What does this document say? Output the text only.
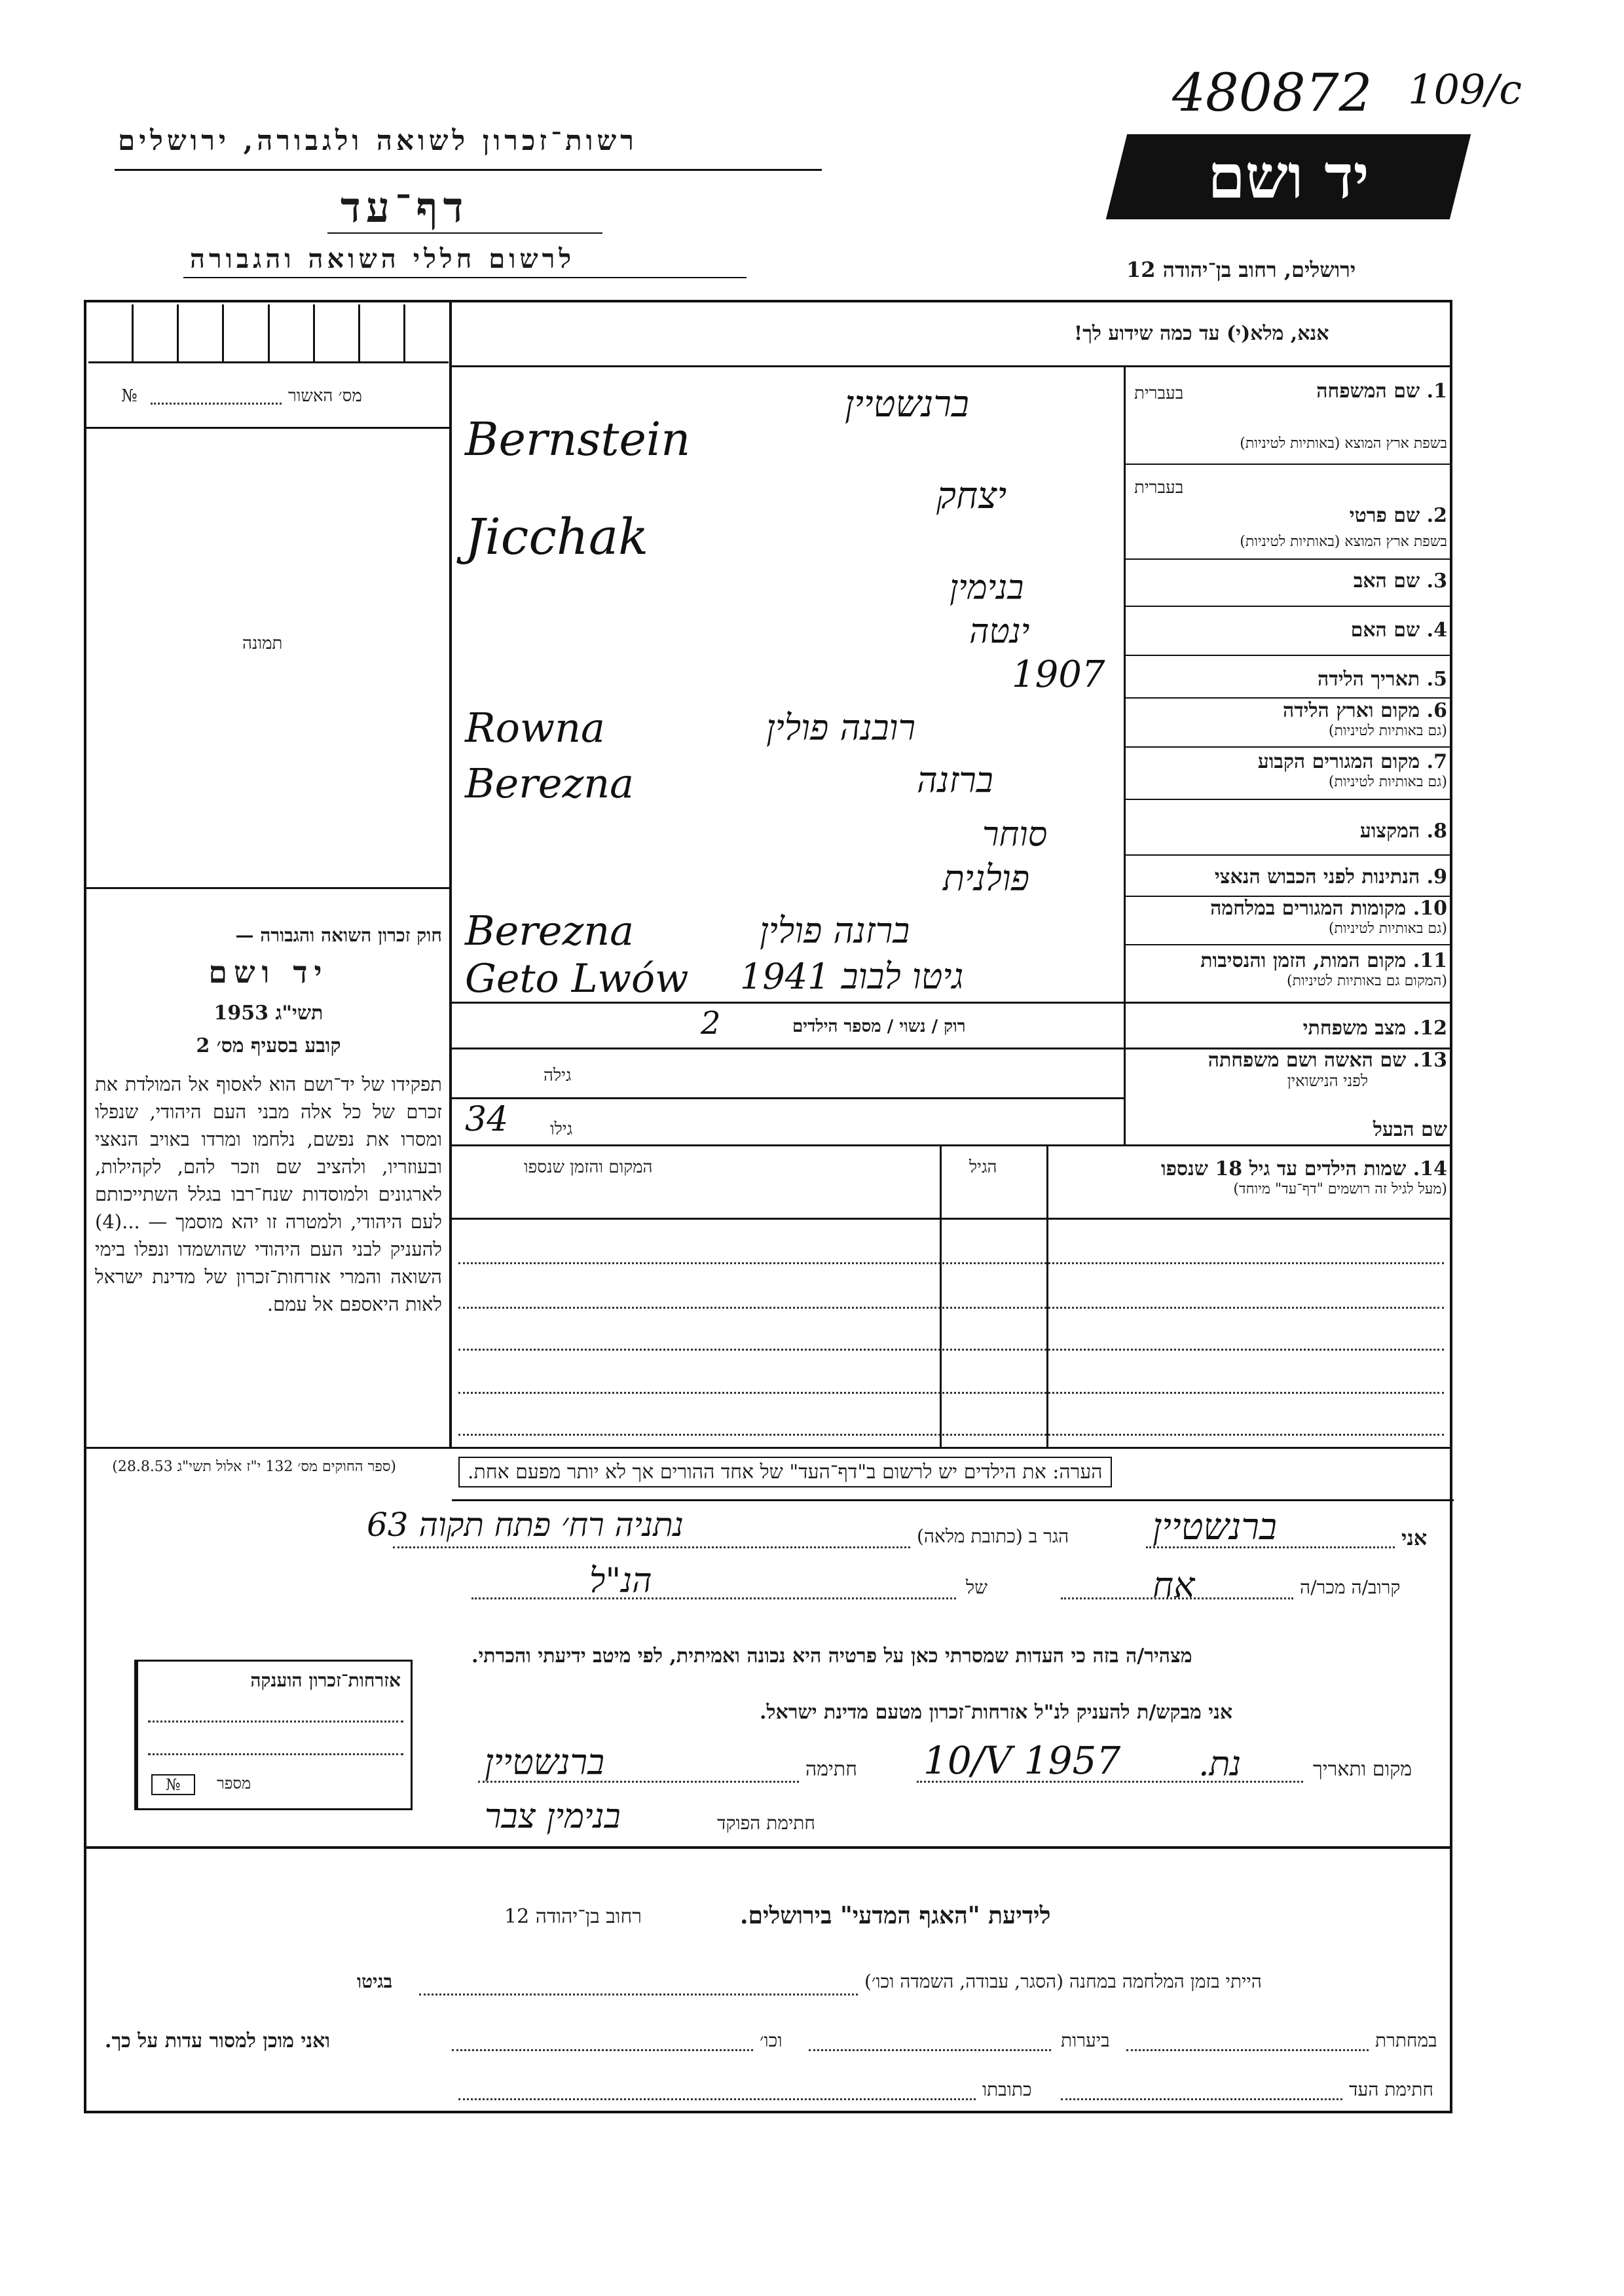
480872 109/c
רשות־זכרון לשואה ולגבורה, ירושלים
דף־עד
לרשום חללי השואה והגבורה
יד ושם
ירושלים, רחוב בן־יהודה 12
מס׳ האשור
№
תמונה
חוק זכרון השואה והגבורה —
יד ושם
תשי"ג 1953
קובע בסעיף מס׳ 2
תפקידו של יד־ושם הוא לאסוף אל המולדת את זכרם של כל אלה מבני העם היהודי, שנפלו ומסרו את נפשם, נלחמו ומרדו באויב הנאצי ובעוזריו, ולהציב שם וזכר להם, לקהילות, לארגונים ולמוסדות שנח־רבו בגלל השתייכותם לעם היהודי, ולמטרה זו יהא מוסמך — ...(4) להעניק לבני העם היהודי שהושמדו ונפלו בימי השואה והמרי אזרחות־זכרון של מדינת ישראל לאות היאספם אל עמם.
(ספר החוקים מס׳ 132 י"ז אלול תשי"ג 28.8.53)
אנא, מלא(י) עד כמה שידוע לך!
1. שם המשפחה
בעברית
בשפת ארץ המוצא (באותיות לטיניות)
2. שם פרטי
בעברית
בשפת ארץ המוצא (באותיות לטיניות)
3. שם האב
4. שם האם
5. תאריך הלידה
6. מקום וארץ הלידה
(גם באותיות לטיניות)
7. מקום המגורים הקבוע
(גם באותיות לטיניות)
8. המקצוע
9. הנתינות לפני הכבוש הנאצי
10. מקומות המגורים במלחמה
(גם באותיות לטיניות)
11. מקום המות, הזמן והנסיבות
(המקום גם באותיות לטיניות)
12. מצב משפחתי
רוק / נשוי / מספר הילדים
2
13. שם האשה ושם משפחתה
לפני הנישואין
גילה
שם הבעל
גילו
34
14. שמות הילדים עד גיל 18 שנספו
(מעל לגיל זה רושמים "דף־עד" מיוחד)
הגיל
המקום והזמן שנספו
הערה: את הילדים יש לרשום ב"דף־העד" של אחד ההורים אך לא יותר מפעם אחת.
ברנשטיין
Bernstein
יצחק
Jicchak
בנימין
ינטה
1907
רובנה פולין
Rowna
ברזנה
Berezna
סוחר
פולנית
ברזנה פולין
Berezna
גיטו לבוב 1941
Geto Lwów
אני
ברנשטיין
הגר ב (כתובת מלאה)
נתניה רח׳ פתח תקוה 63
קרוב/ה מכר/ה
אח
של
הנ"ל
מצהיר/ה בזה כי העדות שמסרתי כאן על פרטיה היא נכונה ואמיתית, לפי מיטב ידיעתי והכרתי.
אני מבקש/ת להעניק לנ"ל אזרחות־זכרון מטעם מדינת ישראל.
אזרחות־זכרון הוענקה
מספר
№
מקום ותאריך
נת.
10/V 1957
חתימה
ברנשטיין
חתימת הפוקד
בנימין צבר
לידיעת "האגף המדעי" בירושלים.
רחוב בן־יהודה 12
הייתי בזמן המלחמה במחנה (הסגר, עבודה, השמדה וכו׳)
בגיטו
במחתרת
ביערות
וכו׳
ואני מוכן למסור עדות על כך.
חתימת העד
כתובתו
